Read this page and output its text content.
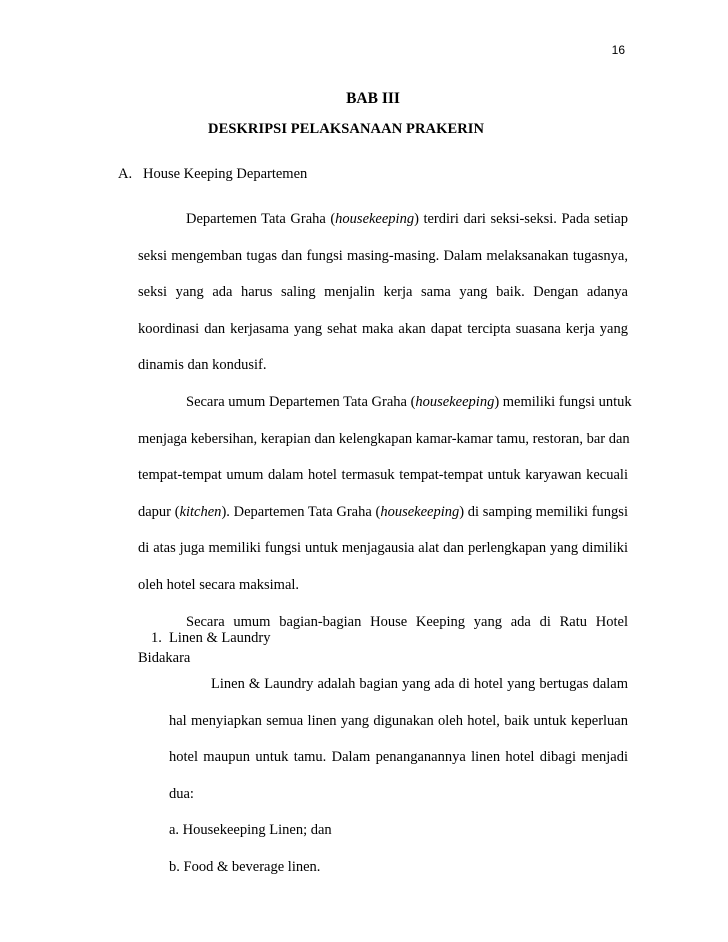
16
BAB III
DESKRIPSI PELAKSANAAN PRAKERIN
A. House Keeping Departemen
Departemen Tata Graha (housekeeping) terdiri dari seksi-seksi. Pada setiap
seksi mengemban tugas dan fungsi masing-masing. Dalam melaksanakan tugasnya,
seksi yang ada harus saling menjalin kerja sama yang baik. Dengan adanya
koordinasi dan kerjasama yang sehat maka akan dapat tercipta suasana kerja yang
dinamis dan kondusif.
Secara umum Departemen Tata Graha (housekeeping) memiliki fungsi untuk
menjaga kebersihan, kerapian dan kelengkapan kamar-kamar tamu, restoran, bar dan
tempat-tempat umum dalam hotel termasuk tempat-tempat untuk karyawan kecuali
dapur (kitchen). Departemen Tata Graha (housekeeping) di samping memiliki fungsi
di atas juga memiliki fungsi untuk menjagausia alat dan perlengkapan yang dimiliki
oleh hotel secara maksimal.
Secara umum bagian-bagian House Keeping yang ada di Ratu Hotel
Bidakara
1. Linen & Laundry
Linen & Laundry adalah bagian yang ada di hotel yang bertugas dalam
hal menyiapkan semua linen yang digunakan oleh hotel, baik untuk keperluan
hotel maupun untuk tamu. Dalam penanganannya linen hotel dibagi menjadi
dua:
a. Housekeeping Linen; dan
b. Food & beverage linen.
